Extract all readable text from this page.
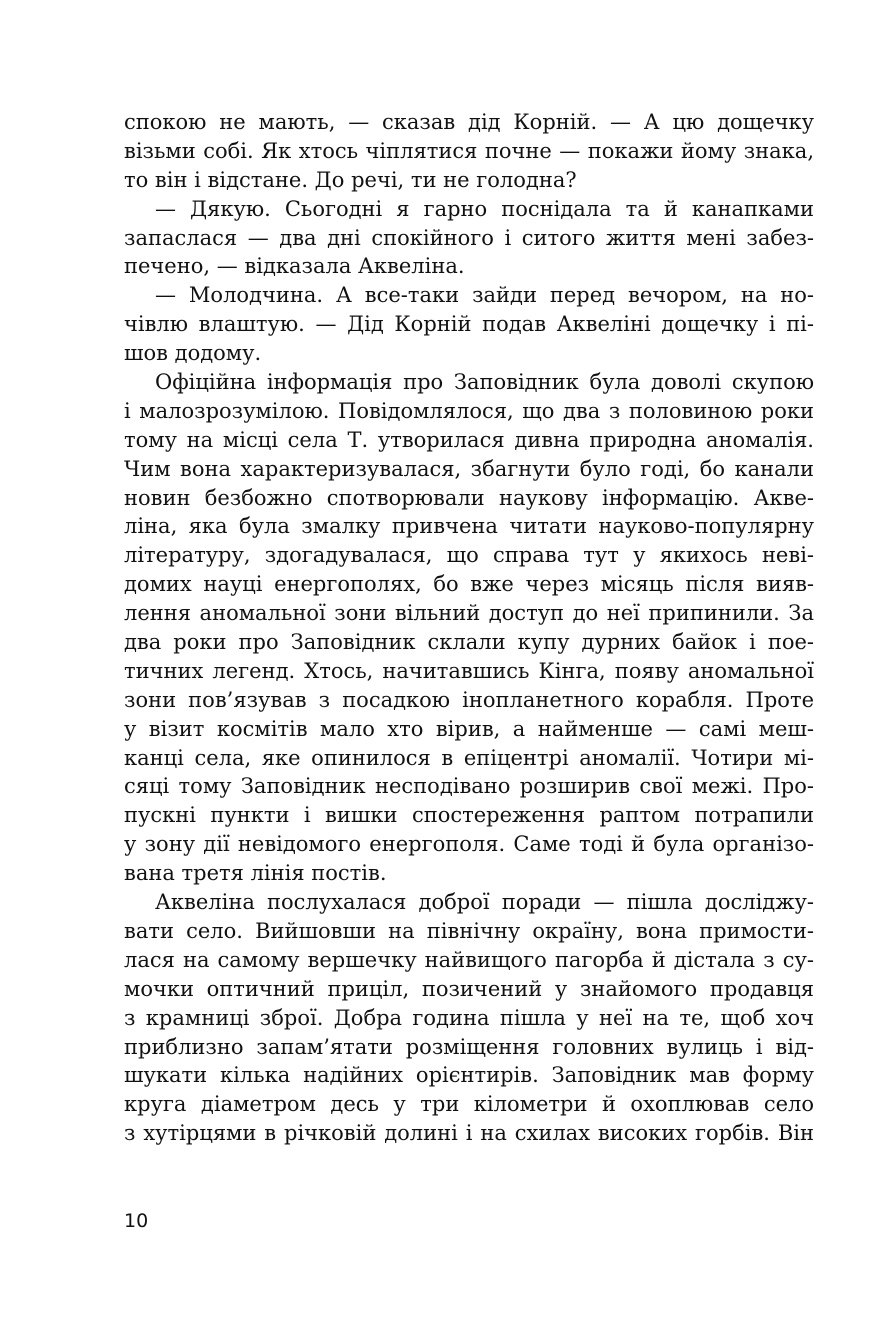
спокою не мають, — сказав дід Корній. — А цю дощечку
візьми собі. Як хтось чіплятися почне — покажи йому знака,
то він і відстане. До речі, ти не голодна?
— Дякую. Сьогодні я гарно поснідала та й канапками
запаслася — два дні спокійного і ситого життя мені забез-
печено, — відказала Аквеліна.
— Молодчина. А все-таки зайди перед вечором, на но-
чівлю влаштую. — Дід Корній подав Аквеліні дощечку і пі-
шов додому.
Офіційна інформація про Заповідник була доволі скупою
і малозрозумілою. Повідомлялося, що два з половиною роки
тому на місці села Т. утворилася дивна природна аномалія.
Чим вона характеризувалася, збагнути було годі, бо канали
новин безбожно спотворювали наукову інформацію. Акве-
ліна, яка була змалку привчена читати науково-популярну
літературу, здогадувалася, що справа тут у якихось неві-
домих науці енергополях, бо вже через місяць після вияв-
лення аномальної зони вільний доступ до неї припинили. За
два роки про Заповідник склали купу дурних байок і пое-
тичних легенд. Хтось, начитавшись Кінга, появу аномальної
зони пов’язував з посадкою інопланетного корабля. Проте
у візит космітів мало хто вірив, а найменше — самі меш-
канці села, яке опинилося в епіцентрі аномалії. Чотири мі-
сяці тому Заповідник несподівано розширив свої межі. Про-
пускні пункти і вишки спостереження раптом потрапили
у зону дії невідомого енергополя. Саме тоді й була організо-
вана третя лінія постів.
Аквеліна послухалася доброї поради — пішла досліджу-
вати село. Вийшовши на північну окраїну, вона примости-
лася на самому вершечку найвищого пагорба й дістала з су-
мочки оптичний приціл, позичений у знайомого продавця
з крамниці зброї. Добра година пішла у неї на те, щоб хоч
приблизно запам’ятати розміщення головних вулиць і від-
шукати кілька надійних орієнтирів. Заповідник мав форму
круга діаметром десь у три кілометри й охоплював село
з хутірцями в річковій долині і на схилах високих горбів. Він
10
